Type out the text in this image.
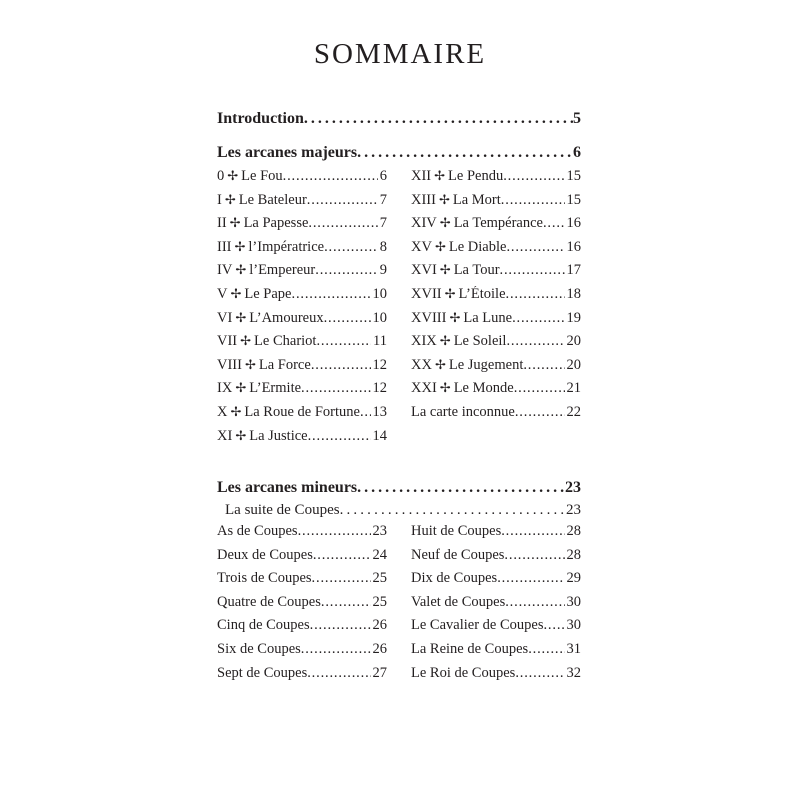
SOMMAIRE
Introduction . . .	5
Les arcanes majeurs . . .	6
0 ✢ Le Fou . . .	6
I ✢ Le Bateleur . . .	7
II ✢ La Papesse . . .	7
III ✢ l’Impératrice . . .	8
IV ✢ l’Empereur . . .	9
V ✢ Le Pape . . .	10
VI ✢ L’Amoureux . . .	10
VII ✢ Le Chariot . . .	11
VIII ✢ La Force . . .	12
IX ✢ L’Ermite . . .	12
X ✢ La Roue de Fortune . . . 13
XI ✢ La Justice . . .	14
XII ✢ Le Pendu . . .	15
XIII ✢ La Mort . . .	15
XIV ✢ La Tempérance . . . 16
XV ✢ Le Diable . . .	16
XVI ✢ La Tour . . .	17
XVII ✢ L’Étoile . . .	18
XVIII ✢ La Lune . . .	19
XIX ✢ Le Soleil . . .	20
XX ✢ Le Jugement . . .	20
XXI ✢ Le Monde . . .	21
La carte inconnue . . .	22
Les arcanes mineurs . . .	23
La suite de Coupes . . .	23
As de Coupes . . .	23
Deux de Coupes . . .	24
Trois de Coupes . . .	25
Quatre de Coupes . . .	25
Cinq de Coupes . . .	26
Six de Coupes . . .	26
Sept de Coupes . . .	27
Huit de Coupes . . .	28
Neuf de Coupes . . .	28
Dix de Coupes . . .	29
Valet de Coupes . . .	30
Le Cavalier de Coupes . . . 30
La Reine de Coupes . . .	31
Le Roi de Coupes . . .	32
